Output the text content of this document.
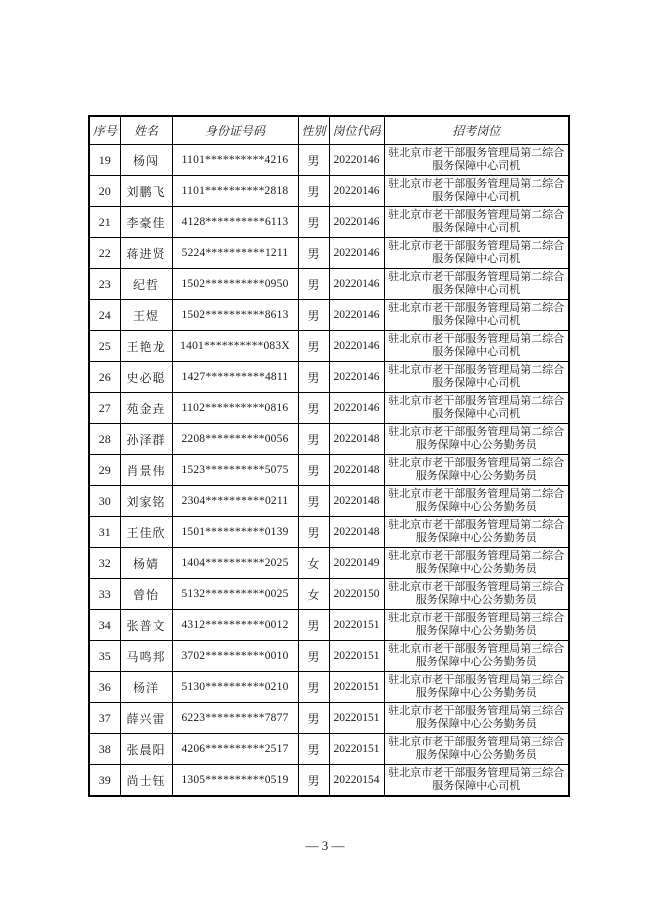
序号	姓名	身份证号码	性别	岗位代码	招考岗位
19	杨闯	1101**********4216	男	20220146	驻北京市老干部服务管理局第二综合服务保障中心司机
20	刘鹏飞	1101**********2818	男	20220146	驻北京市老干部服务管理局第二综合服务保障中心司机
21	李豪佳	4128**********6113	男	20220146	驻北京市老干部服务管理局第二综合服务保障中心司机
22	蒋进贤	5224**********1211	男	20220146	驻北京市老干部服务管理局第二综合服务保障中心司机
23	纪哲	1502**********0950	男	20220146	驻北京市老干部服务管理局第二综合服务保障中心司机
24	王煜	1502**********8613	男	20220146	驻北京市老干部服务管理局第二综合服务保障中心司机
25	王艳龙	1401**********083X	男	20220146	驻北京市老干部服务管理局第二综合服务保障中心司机
26	史必聪	1427**********4811	男	20220146	驻北京市老干部服务管理局第二综合服务保障中心司机
27	苑金垚	1102**********0816	男	20220146	驻北京市老干部服务管理局第二综合服务保障中心司机
28	孙泽群	2208**********0056	男	20220148	驻北京市老干部服务管理局第二综合服务保障中心公务勤务员
29	肖景伟	1523**********5075	男	20220148	驻北京市老干部服务管理局第二综合服务保障中心公务勤务员
30	刘家铭	2304**********0211	男	20220148	驻北京市老干部服务管理局第二综合服务保障中心公务勤务员
31	王佳欣	1501**********0139	男	20220148	驻北京市老干部服务管理局第二综合服务保障中心公务勤务员
32	杨婧	1404**********2025	女	20220149	驻北京市老干部服务管理局第二综合服务保障中心公务勤务员
33	曾怡	5132**********0025	女	20220150	驻北京市老干部服务管理局第三综合服务保障中心公务勤务员
34	张普文	4312**********0012	男	20220151	驻北京市老干部服务管理局第三综合服务保障中心公务勤务员
35	马鸣邦	3702**********0010	男	20220151	驻北京市老干部服务管理局第三综合服务保障中心公务勤务员
36	杨洋	5130**********0210	男	20220151	驻北京市老干部服务管理局第三综合服务保障中心公务勤务员
37	薛兴雷	6223**********7877	男	20220151	驻北京市老干部服务管理局第三综合服务保障中心公务勤务员
38	张晨阳	4206**********2517	男	20220151	驻北京市老干部服务管理局第三综合服务保障中心公务勤务员
39	尚士钰	1305**********0519	男	20220154	驻北京市老干部服务管理局第三综合服务保障中心司机
— 3 —
